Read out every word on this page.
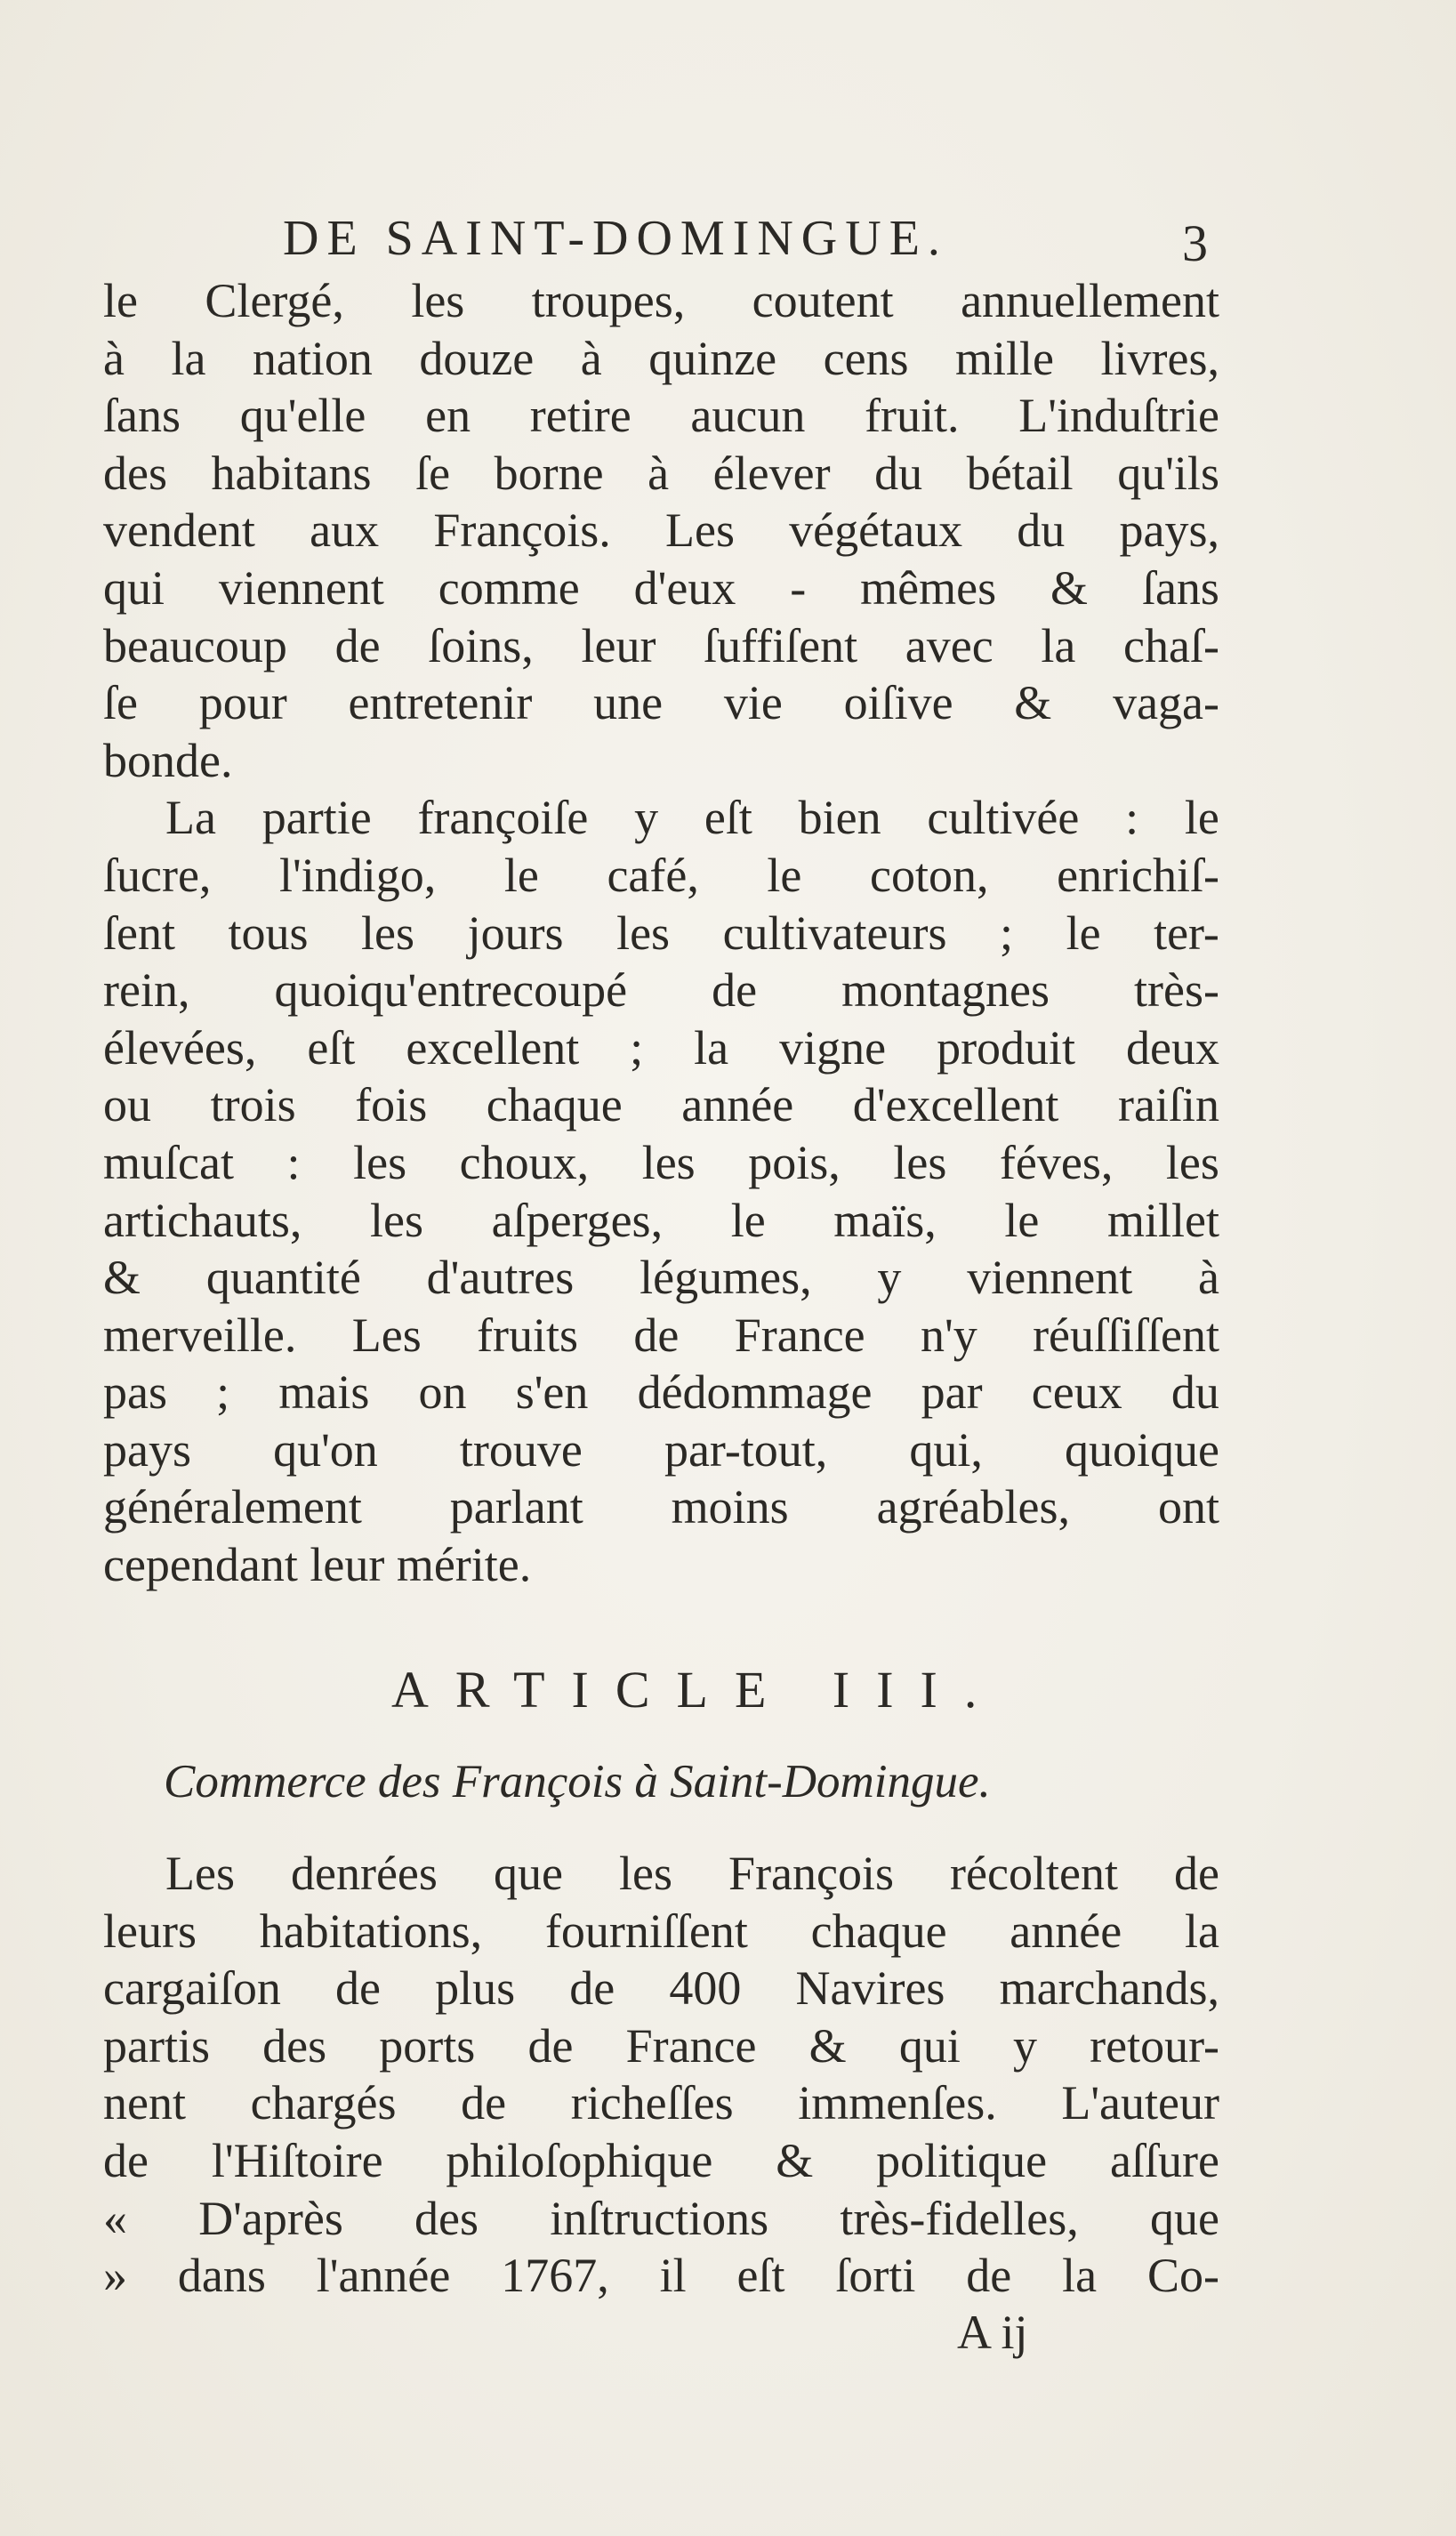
DE SAINT-DOMINGUE.	3
le Clergé, les troupes, coutent annuellement
à la nation douze à quinze cens mille livres,
ſans qu'elle en retire aucun fruit. L'induſtrie
des habitans ſe borne à élever du bétail qu'ils
vendent aux François. Les végétaux du pays,
qui viennent comme d'eux - mêmes & ſans
beaucoup de ſoins, leur ſuffiſent avec la chaſ-
ſe pour entretenir une vie oiſive & vaga-
bonde.
La partie françoiſe y eſt bien cultivée : le
ſucre, l'indigo, le café, le coton, enrichiſ-
ſent tous les jours les cultivateurs ; le ter-
rein, quoiqu'entrecoupé de montagnes très-
élevées, eſt excellent ; la vigne produit deux
ou trois fois chaque année d'excellent raiſin
muſcat : les choux, les pois, les féves, les
artichauts, les aſperges, le maïs, le millet
& quantité d'autres légumes, y viennent à
merveille. Les fruits de France n'y réuſſiſſent
pas ; mais on s'en dédommage par ceux du
pays qu'on trouve par-tout, qui, quoique
généralement parlant moins agréables, ont
cependant leur mérite.
ARTICLE III.
Commerce des François à Saint-Domingue.
Les denrées que les François récoltent de
leurs habitations, fourniſſent chaque année la
cargaiſon de plus de 400 Navires marchands,
partis des ports de France & qui y retour-
nent chargés de richeſſes immenſes. L'auteur
de l'Hiſtoire philoſophique & politique aſſure
« D'après des inſtructions très-fidelles, que
» dans l'année 1767, il eſt ſorti de la Co-
A ij
